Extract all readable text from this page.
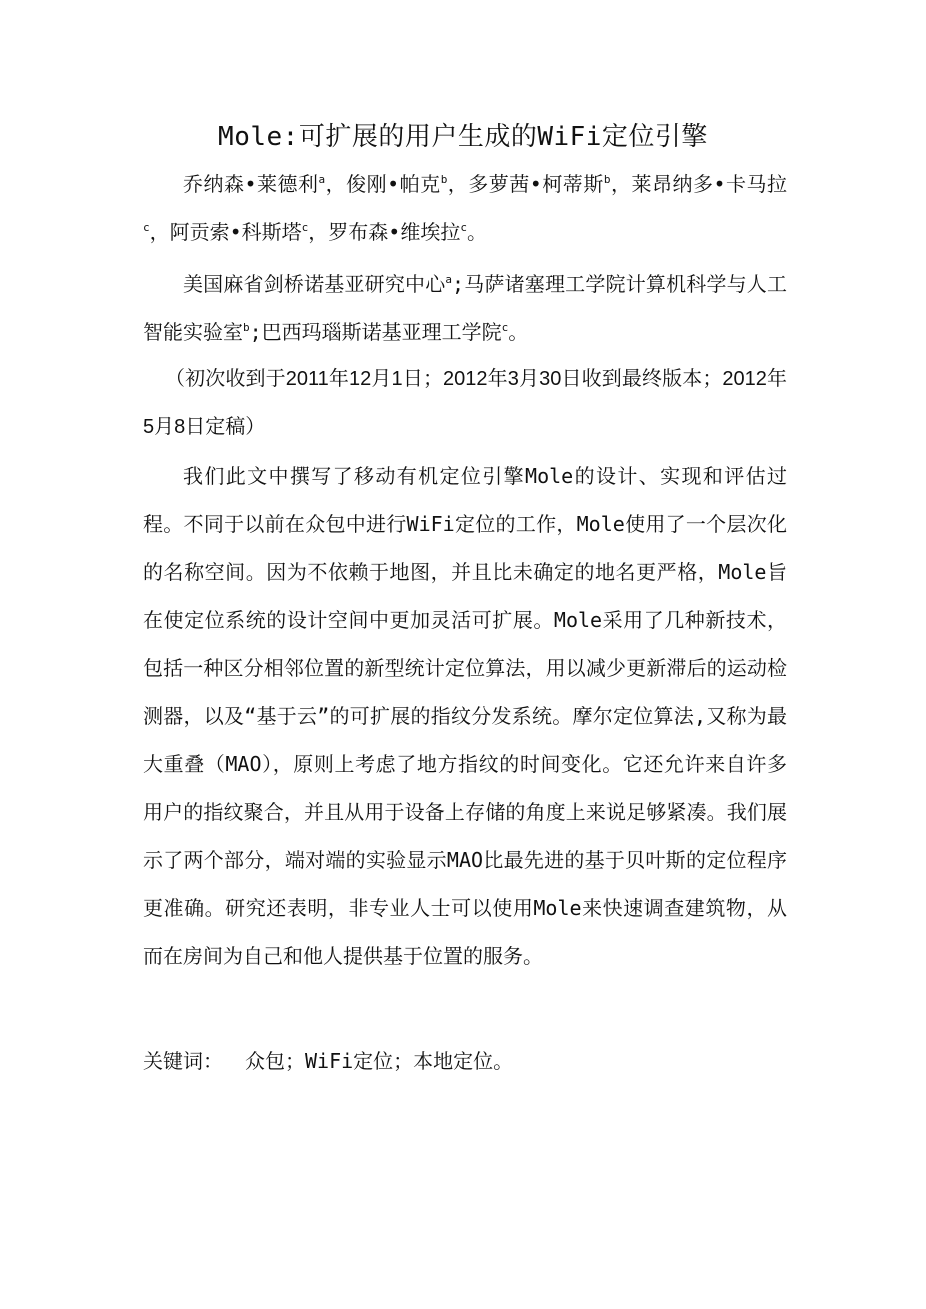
Mole:可扩展的用户生成的WiFi定位引擎

乔纳森•莱德利$^a$，俊刚•帕克$^b$，多萝茜•柯蒂斯$^b$，莱昂纳多•卡马拉$^c$，阿贡索•科斯塔$^c$，罗布森•维埃拉$^c$。

美国麻省剑桥诺基亚研究中心$^a$;马萨诸塞理工学院计算机科学与人工智能实验室$^b$;巴西玛瑙斯诺基亚理工学院$^c$。

（初次收到于2011年12月1日；2012年3月30日收到最终版本；2012年5月8日定稿）

我们此文中撰写了移动有机定位引擎Mole的设计、实现和评估过程。不同于以前在众包中进行WiFi定位的工作，Mole使用了一个层次化的名称空间。因为不依赖于地图，并且比未确定的地名更严格，Mole旨在使定位系统的设计空间中更加灵活可扩展。Mole采用了几种新技术，包括一种区分相邻位置的新型统计定位算法，用以减少更新滞后的运动检测器，以及“基于云”的可扩展的指纹分发系统。摩尔定位算法,又称为最大重叠（MAO），原则上考虑了地方指纹的时间变化。它还允许来自许多用户的指纹聚合，并且从用于设备上存储的角度上来说足够紧凑。我们展示了两个部分，端对端的实验显示MAO比最先进的基于贝叶斯的定位程序更准确。研究还表明，非专业人士可以使用Mole来快速调查建筑物，从而在房间为自己和他人提供基于位置的服务。

关键词： 众包；WiFi定位；本地定位。
